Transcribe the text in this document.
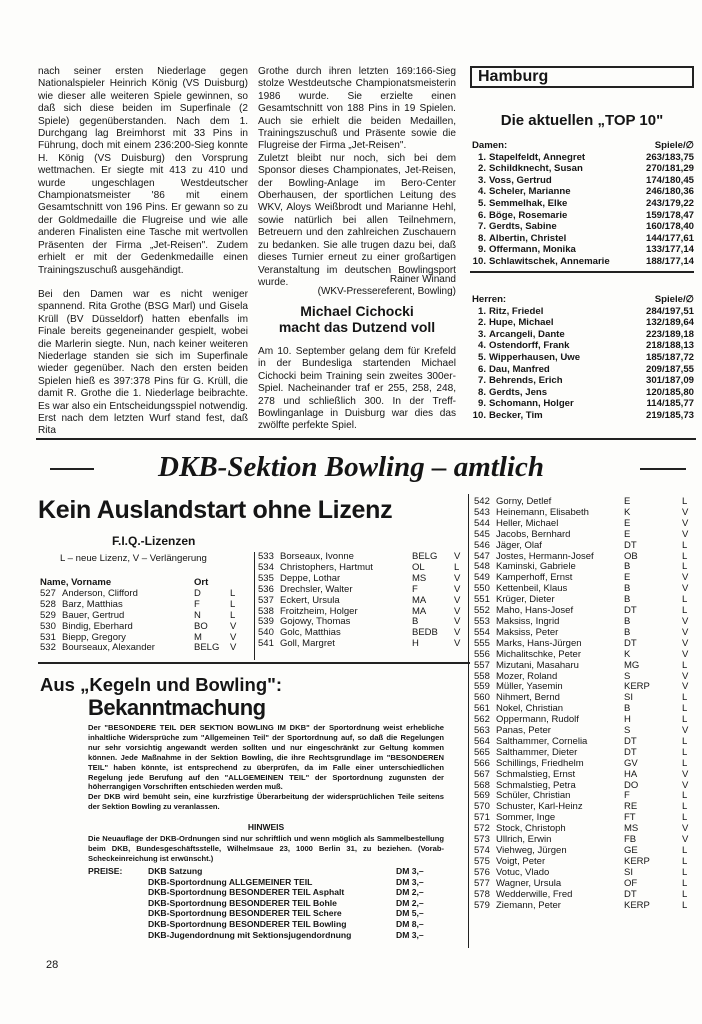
nach seiner ersten Niederlage gegen Nationalspieler Heinrich König (VS Duisburg) wie dieser alle weiteren Spiele gewinnen, so daß sich diese beiden im Superfinale (2 Spiele) gegenüberstanden. Nach dem 1. Durchgang lag Breimhorst mit 33 Pins in Führung, doch mit einem 236:200-Sieg konnte H. König (VS Duisburg) den Vorsprung wettmachen. Er siegte mit 413 zu 410 und wurde ungeschlagen Westdeutscher Championatsmeister '86 mit einem Gesamtschnitt von 196 Pins. Er gewann so zu der Goldmedaille die Flugreise und wie alle anderen Finalisten eine Tasche mit wertvollen Präsenten der Firma „Jet-Reisen". Zudem erhielt er mit der Gedenkmedaille einen Trainingszuschuß ausgehändigt.

Bei den Damen war es nicht weniger spannend. Rita Grothe (BSG Marl) und Gisela Krüll (BV Düsseldorf) hatten ebenfalls im Finale bereits gegeneinander gespielt, wobei die Marlerin siegte. Nun, nach keiner weiteren Niederlage standen sie sich im Superfinale wieder gegenüber. Nach den ersten beiden Spielen hieß es 397:378 Pins für G. Krüll, die damit R. Grothe die 1. Niederlage beibrachte. Es war also ein Entscheidungsspiel notwendig. Erst nach dem letzten Wurf stand fest, daß Rita

Grothe durch ihren letzten 169:166-Sieg stolze Westdeutsche Championatsmeisterin 1986 wurde. Sie erzielte einen Gesamtschnitt von 188 Pins in 19 Spielen. Auch sie erhielt die beiden Medaillen, Trainingszuschuß und Präsente sowie die Flugreise der Firma „Jet-Reisen".

Zuletzt bleibt nur noch, sich bei dem Sponsor dieses Championates, Jet-Reisen, der Bowling-Anlage im Bero-Center Oberhausen, der sportlichen Leitung des WKV, Aloys Weißbrodt und Marianne Hehl, sowie natürlich bei allen Teilnehmern, Betreuern und den zahlreichen Zuschauern zu bedanken. Sie alle trugen dazu bei, daß dieses Turnier erneut zu einer großartigen Veranstaltung im deutschen Bowlingsport wurde.	Rainer Winand
(WKV-Pressereferent, Bowling)
Michael Cichocki
macht das Dutzend voll
Am 10. September gelang dem für Krefeld in der Bundesliga startenden Michael Cichocki beim Training sein zweites 300er-Spiel. Nacheinander traf er 255, 258, 248, 278 und schließlich 300. In der Treff-Bowlinganlage in Duisburg war dies das zwölfte perfekte Spiel.
Hamburg
Die aktuellen „TOP 10"
Damen:	Spiele/∅
1. Stapelfeldt, Annegret	263/183,75
2. Schildknecht, Susan	270/181,29
3. Voss, Gertrud	174/180,45
4. Scheler, Marianne	246/180,36
5. Semmelhak, Elke	243/179,22
6. Böge, Rosemarie	159/178,47
7. Gerdts, Sabine	160/178,40
8. Albertin, Christel	144/177,61
9. Offermann, Monika	133/177,14
10. Schlawitschek, Annemarie	188/177,14
Herren:	Spiele/∅
1. Ritz, Friedel	284/197,51
2. Hupe, Michael	132/189,64
3. Arcangeli, Dante	223/189,18
4. Ostendorff, Frank	218/188,13
5. Wipperhausen, Uwe	185/187,72
6. Dau, Manfred	209/187,55
7. Behrends, Erich	301/187,09
8. Gerdts, Jens	120/185,80
9. Schomann, Holger	114/185,77
10. Becker, Tim	219/185,73
DKB-Sektion Bowling – amtlich
Kein Auslandstart ohne Lizenz
F.I.Q.-Lizenzen
L – neue Lizenz, V – Verlängerung
Name, Vorname	Ort
527 Anderson, Clifford	D	L
528 Barz, Matthias	F	L
529 Bauer, Gertrud	N	L
530 Bindig, Eberhard	BO	V
531 Biepp, Gregory	M	V
532 Bourseaux, Alexander	BELG	V
533 Borseaux, Ivonne	BELG	V
534 Christophers, Hartmut	OL	L
535 Deppe, Lothar	MS	V
536 Drechsler, Walter	F	V
537 Eckert, Ursula	MA	V
538 Froitzheim, Holger	MA	V
539 Gojowy, Thomas	B	V
540 Golc, Matthias	BEDB	V
541 Goll, Margret	H	V
542 Gorny, Detlef	E	L
543 Heinemann, Elisabeth	K	V
544 Heller, Michael	E	V
545 Jacobs, Bernhard	E	V
546 Jäger, Olaf	DT	L
547 Jostes, Hermann-Josef	OB	L
548 Kaminski, Gabriele	B	L
549 Kamperhoff, Ernst	E	V
550 Kettenbeil, Klaus	B	V
551 Krüger, Dieter	B	L
552 Maho, Hans-Josef	DT	L
553 Maksiss, Ingrid	B	V
554 Maksiss, Peter	B	V
555 Marks, Hans-Jürgen	DT	V
556 Michalitschke, Peter	K	V
557 Mizutani, Masaharu	MG	L
558 Mozer, Roland	S	V
559 Müller, Yasemin	KERP	V
560 Nihmert, Bernd	SI	L
561 Nokel, Christian	B	L
562 Oppermann, Rudolf	H	L
563 Panas, Peter	S	V
564 Salthammer, Cornelia	DT	L
565 Salthammer, Dieter	DT	L
566 Schillings, Friedhelm	GV	L
567 Schmalstieg, Ernst	HA	V
568 Schmalstieg, Petra	DO	V
569 Schüler, Christian	F	L
570 Schuster, Karl-Heinz	RE	L
571 Sommer, Inge	FT	L
572 Stock, Christoph	MS	V
573 Ullrich, Erwin	FB	V
574 Viehweg, Jürgen	GE	L
575 Voigt, Peter	KERP	L
576 Votuc, Vlado	SI	L
577 Wagner, Ursula	OF	L
578 Wedderwille, Fred	DT	L
579 Ziemann, Peter	KERP	L
Aus „Kegeln und Bowling":
Bekanntmachung
Der "BESONDERE TEIL DER SEKTION BOWLING IM DKB" der Sportordnung weist erhebliche inhaltliche Widersprüche zum "Allgemeinen Teil" der Sportordnung auf, so daß die Regelungen nur sehr vorsichtig angewandt werden sollten und nur eingeschränkt zur Geltung kommen können. Jede Maßnahme in der Sektion Bowling, die ihre Rechtsgrundlage im "BESONDEREN TEIL" haben könnte, ist entsprechend zu überprüfen, da im Falle einer unterschiedlichen Regelung jede Berufung auf den "ALLGEMEINEN TEIL" der Sportordnung zugunsten der höherrangigen Vorschriften entschieden werden muß.
Der DKB wird bemüht sein, eine kurzfristige Überarbeitung der widersprüchlichen Teile seitens der Sektion Bowling zu veranlassen.
HINWEIS
Die Neuauflage der DKB-Ordnungen sind nur schriftlich und wenn möglich als Sammelbestellung beim DKB, Bundesgeschäftsstelle, Wilhelmsaue 23, 1000 Berlin 31, zu beziehen. (Vorab-Scheckeinreichung ist erwünscht.)
PREISE:	DKB Satzung	DM 3,–
DKB-Sportordnung ALLGEMEINER TEIL	DM 3,–
DKB-Sportordnung BESONDERER TEIL Asphalt	DM 2,–
DKB-Sportordnung BESONDERER TEIL Bohle	DM 2,–
DKB-Sportordnung BESONDERER TEIL Schere	DM 5,–
DKB-Sportordnung BESONDERER TEIL Bowling	DM 8,–
DKB-Jugendordnung mit Sektionsjugendordnung	DM 3,–
28
